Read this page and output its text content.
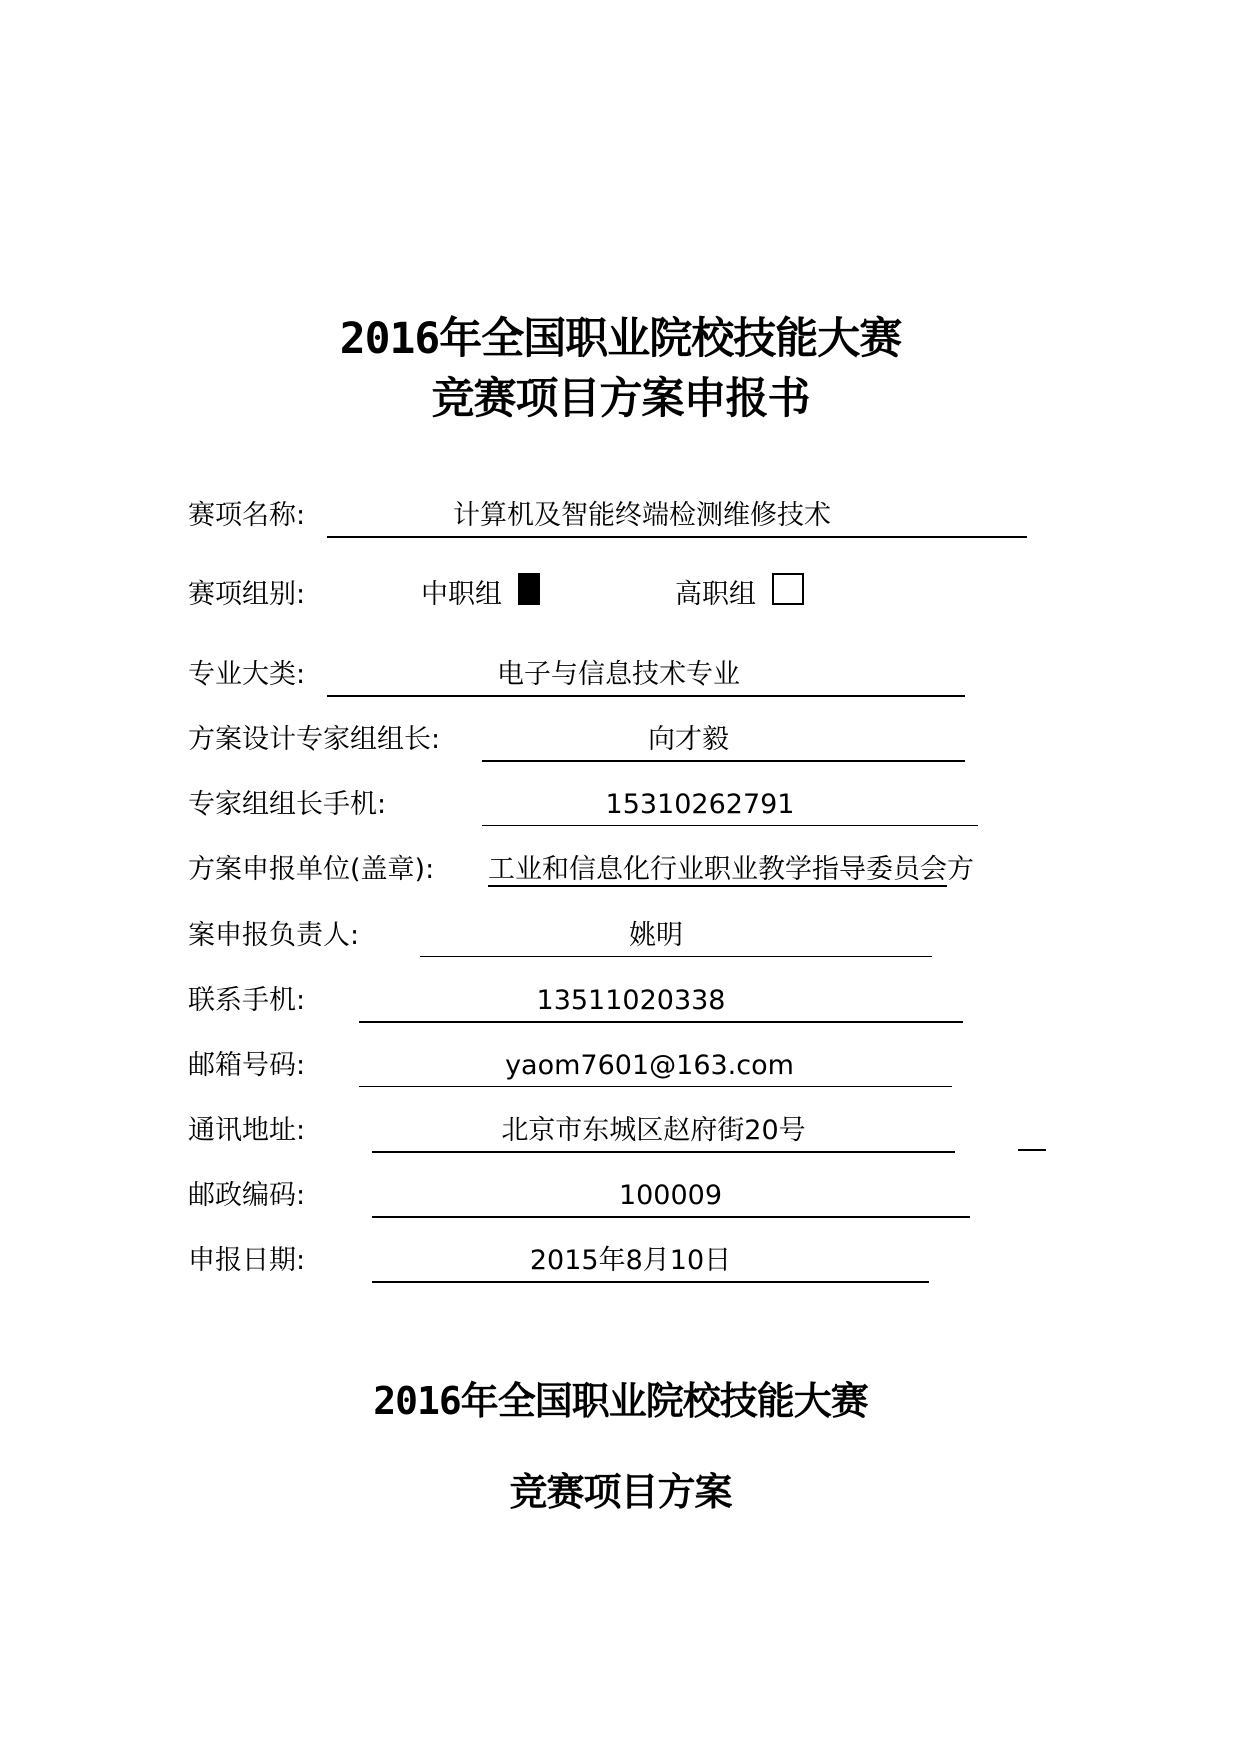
2016年全国职业院校技能大赛
竞赛项目方案申报书
赛项名称:	计算机及智能终端检测维修技术
赛项组别:	中职组	高职组
专业大类:	电子与信息技术专业
方案设计专家组组长:	向才毅
专家组组长手机:	15310262791
方案申报单位(盖章): 工业和信息化行业职业教学指导委员会方
案申报负责人:	姚明
联系手机:	13511020338
邮箱号码:	yaom7601@163.com
通讯地址:	北京市东城区赵府街20号
邮政编码:	100009
申报日期:	2015年8月10日
2016年全国职业院校技能大赛
竞赛项目方案
